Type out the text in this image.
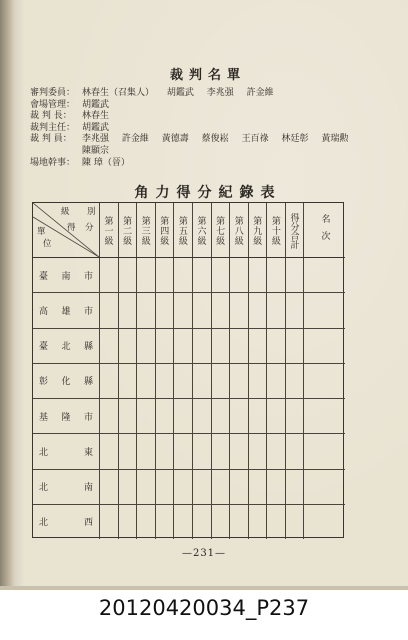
裁判名單
審判委員： 林春生（召集人） 胡鑑武 李兆强 許金維
會場管理： 胡鑑武
裁 判 長：	林春生
裁判主任： 胡鑑武
裁 判 員：	李兆强 許金維 黃德壽 蔡俊崧 王百祿 林廷彰 黃瑞勲
陳顯宗
場地幹事： 陳 璋（晉）
角力得分紀錄表
級 別
得 分
單
位	第一級 第二級 第三級 第四級 第五級 第六級 第七級 第八級 第九級 第十級 得分合計 名次
臺 南 市
高 雄 市
臺 北 縣
彰 化 縣
基 隆 市
北	東
北	南
北	西
—231—
20120420034_P237
